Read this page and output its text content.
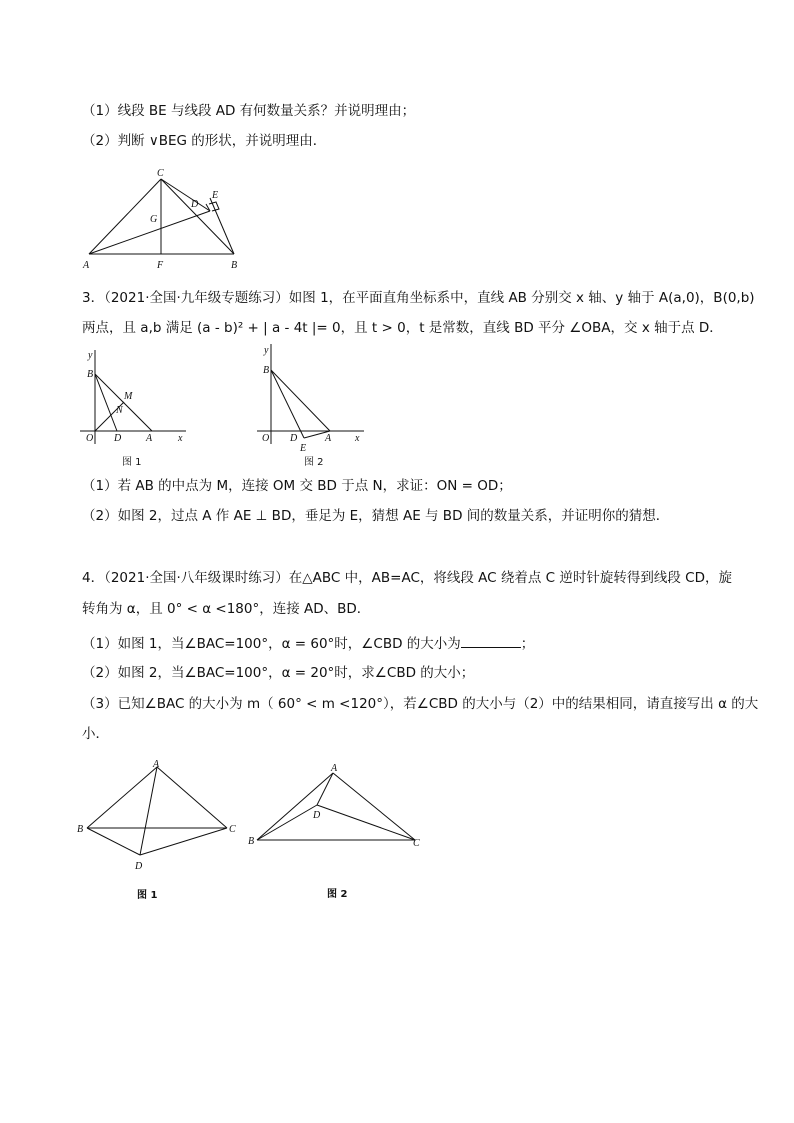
（1）线段 BE 与线段 AD 有何数量关系？并说明理由；
（2）判断 ∨BEG 的形状，并说明理由．
C
E
D
G
A	F	B
3．（2021·全国·九年级专题练习）如图 1，在平面直角坐标系中，直线 AB 分别交 x 轴、y 轴于 A(a,0)，B(0,b)
两点，且 a,b 满足 (a - b)² + | a - 4t |= 0，且 t > 0，t 是常数，直线 BD 平分 ∠OBA，交 x 轴于点 D．
y
B
M
N
O D A	x
图 1
y
B
O D	A
E
x
图 2
（1）若 AB 的中点为 M，连接 OM 交 BD 于点 N，求证：ON = OD；
（2）如图 2，过点 A 作 AE ⊥ BD，垂足为 E，猜想 AE 与 BD 间的数量关系，并证明你的猜想．
4．（2021·全国·八年级课时练习）在△ABC 中，AB=AC，将线段 AC 绕着点 C 逆时针旋转得到线段 CD，旋
转角为 α，且 0° < α <180°，连接 AD、BD．
（1）如图 1，当∠BAC=100°，α = 60°时，∠CBD 的大小为	；
（2）如图 2，当∠BAC=100°，α = 20°时，求∠CBD 的大小；
（3）已知∠BAC 的大小为 m（ 60° < m <120°），若∠CBD 的大小与（2）中的结果相同，请直接写出 α 的大
小．
A
B	C
D
图 1
A
B	C
D
图 2
